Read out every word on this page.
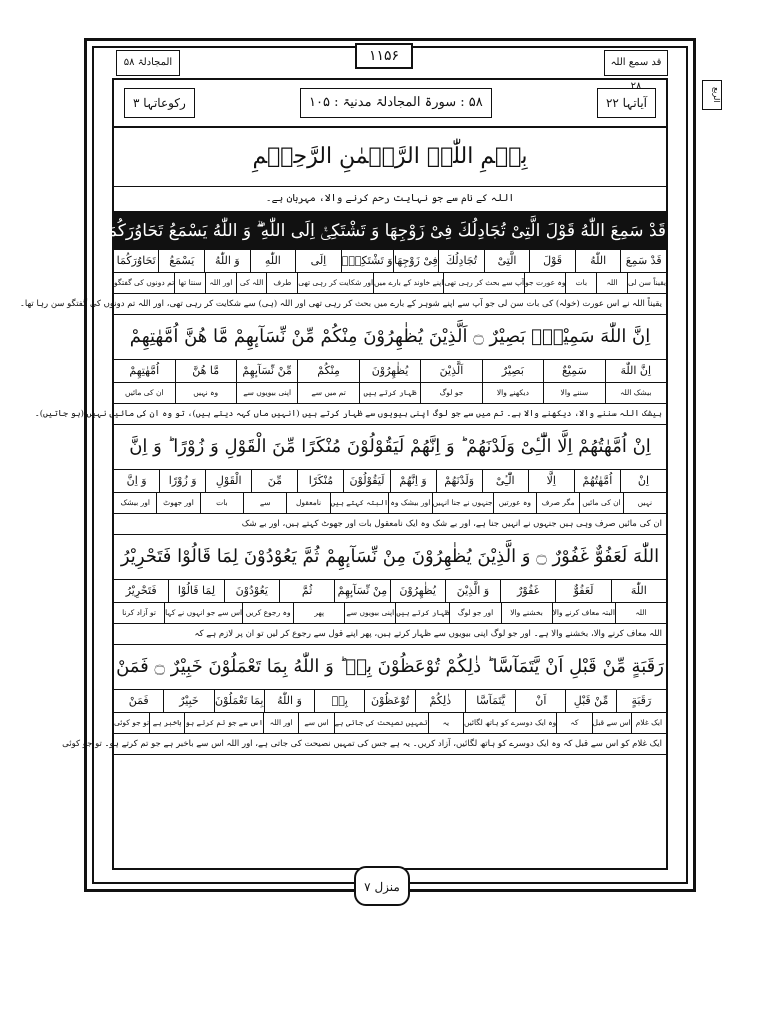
المجادلۃ ۵۸	۱۱۵۶	قد سمع اللہ ۲۸
الربع
آیاتہا ۲۲
۵۸ : سورۃ المجادلۃ مدنیۃ : ۱۰۵
رکوعاتہا ۳
بِسۡمِ اللّٰہِ الرَّحۡمٰنِ الرَّحِیۡمِ
اللہ کے نام سے جو نہایت رحم کرنے والا، مہربان ہے۔
قَدْ سَمِعَ اللّٰهُ قَوْلَ الَّتِیْ تُجَادِلُكَ فِیْ زَوْجِهَا وَ تَشْتَكِیْۤ اِلَى اللّٰهِ ۖۗ وَ اللّٰهُ یَسْمَعُ تَحَاوُرَكُمَا
قَدْ سَمِعَ
اللّٰهُ
قَوْلَ
الَّتِیْ
تُجَادِلُكَ
فِیْ زَوْجِهَا
وَ تَشْتَكِیْۤ
اِلَى
اللّٰهِ
وَ اللّٰهُ
یَسْمَعُ
تَحَاوُرَكُمَا
یقیناً سن لی
اللہ
بات
وہ عورت جو
آپ سے بحث کر رہی تھی
اپنے خاوند کے بارے میں
اور شکایت کر رہی تھی
طرف
اللہ کی
اور اللہ
سنتا تھا
تم دونوں کی گفتگو
یقیناً اللہ نے اس عورت (خولہ) کی بات سن لی جو آپ سے اپنے شوہر کے بارے میں بحث کر رہی تھی اور اللہ (ہی) سے شکایت کر رہی تھی، اور اللہ تم دونوں کی گفتگو سن رہا تھا۔
اِنَّ اللّٰهَ سَمِیْعٌۢ بَصِیْرٌ ۝ اَلَّذِیْنَ یُظٰهِرُوْنَ مِنْكُمْ مِّنْ نِّسَآىٕهِمْ مَّا هُنَّ اُمَّهٰتِهِمْ
اِنَّ اللّٰهَ
سَمِیْعٌ
بَصِیْرٌ
اَلَّذِیْنَ
یُظٰهِرُوْنَ
مِنْكُمْ
مِّنْ نِّسَآىٕهِمْ
مَّا هُنَّ
اُمَّهٰتِهِمْ
بیشک اللہ
سننے والا
دیکھنے والا
جو لوگ
ظہار کرتے ہیں
تم میں سے
اپنی بیویوں سے
وہ نہیں
ان کی مائیں
بیشک اللہ سننے والا، دیکھنے والا ہے۔ تم میں سے جو لوگ اپنی بیویوں سے ظہار کرتے ہیں (انہیں ماں کہہ دیتے ہیں)، تو وہ ان کی مائیں نہیں (ہو جاتیں)۔
اِنْ اُمَّهٰتُهُمْ اِلَّا الّٰٓـِٔیْ وَلَدْنَهُمْ ؕ وَ اِنَّهُمْ لَیَقُوْلُوْنَ مُنْكَرًا مِّنَ الْقَوْلِ وَ زُوْرًا ؕ وَ اِنَّ
اِنْ
اُمَّهٰتُهُمْ
اِلَّا
الّٰٓـِٔیْ
وَلَدْنَهُمْ
وَ اِنَّهُمْ
لَیَقُوْلُوْنَ
مُنْكَرًا
مِّنَ
الْقَوْلِ
وَ زُوْرًا
وَ اِنَّ
نہیں
ان کی مائیں
مگر صرف
وہ عورتیں
جنہوں نے جنا انہیں
اور بیشک وہ
البتہ کہتے ہیں
نامعقول
سے
بات
اور جھوٹ
اور بیشک
ان کی مائیں صرف وہی ہیں جنہوں نے انہیں جنا ہے، اور بے شک وہ ایک نامعقول بات اور جھوٹ کہتے ہیں، اور بے شک
اللّٰهَ لَعَفُوٌّ غَفُوْرٌ ۝ وَ الَّذِیْنَ یُظٰهِرُوْنَ مِنْ نِّسَآىٕهِمْ ثُمَّ یَعُوْدُوْنَ لِمَا قَالُوْا فَتَحْرِیْرُ
اللّٰهَ
لَعَفُوٌّ
غَفُوْرٌ
وَ الَّذِیْنَ
یُظٰهِرُوْنَ
مِنْ نِّسَآىٕهِمْ
ثُمَّ
یَعُوْدُوْنَ
لِمَا قَالُوْا
فَتَحْرِیْرُ
اللہ
البتہ معاف کرنے والا
بخشنے والا
اور جو لوگ
ظہار کرتے ہیں
اپنی بیویوں سے
پھر
وہ رجوع کریں
اس سے جو انہوں نے کہا
تو آزاد کرنا
اللہ معاف کرنے والا، بخشنے والا ہے۔ اور جو لوگ اپنی بیویوں سے ظہار کرتے ہیں، پھر اپنے قول سے رجوع کر لیں تو ان پر لازم ہے کہ
رَقَبَةٍ مِّنْ قَبْلِ اَنْ یَّتَمَآسَّا ؕ ذٰلِكُمْ تُوْعَظُوْنَ بِهٖ ؕ وَ اللّٰهُ بِمَا تَعْمَلُوْنَ خَبِیْرٌ ۝ فَمَنْ
رَقَبَةٍ
مِّنْ قَبْلِ
اَنْ
یَّتَمَآسَّا
ذٰلِكُمْ
تُوْعَظُوْنَ
بِهٖ
وَ اللّٰهُ
بِمَا تَعْمَلُوْنَ
خَبِیْرٌ
فَمَنْ
ایک غلام
اس سے قبل
کہ
وہ ایک دوسرے کو ہاتھ لگائیں
یہ
تمہیں نصیحت کی جاتی ہے
اس سے
اور اللہ
اس سے جو تم کرتے ہو
باخبر ہے
تو جو کوئی
ایک غلام کو اس سے قبل کہ وہ ایک دوسرے کو ہاتھ لگائیں، آزاد کریں۔ یہ ہے جس کی تمہیں نصیحت کی جاتی ہے، اور اللہ اس سے باخبر ہے جو تم کرتے ہو۔ تو جو کوئی
منزل ۷
